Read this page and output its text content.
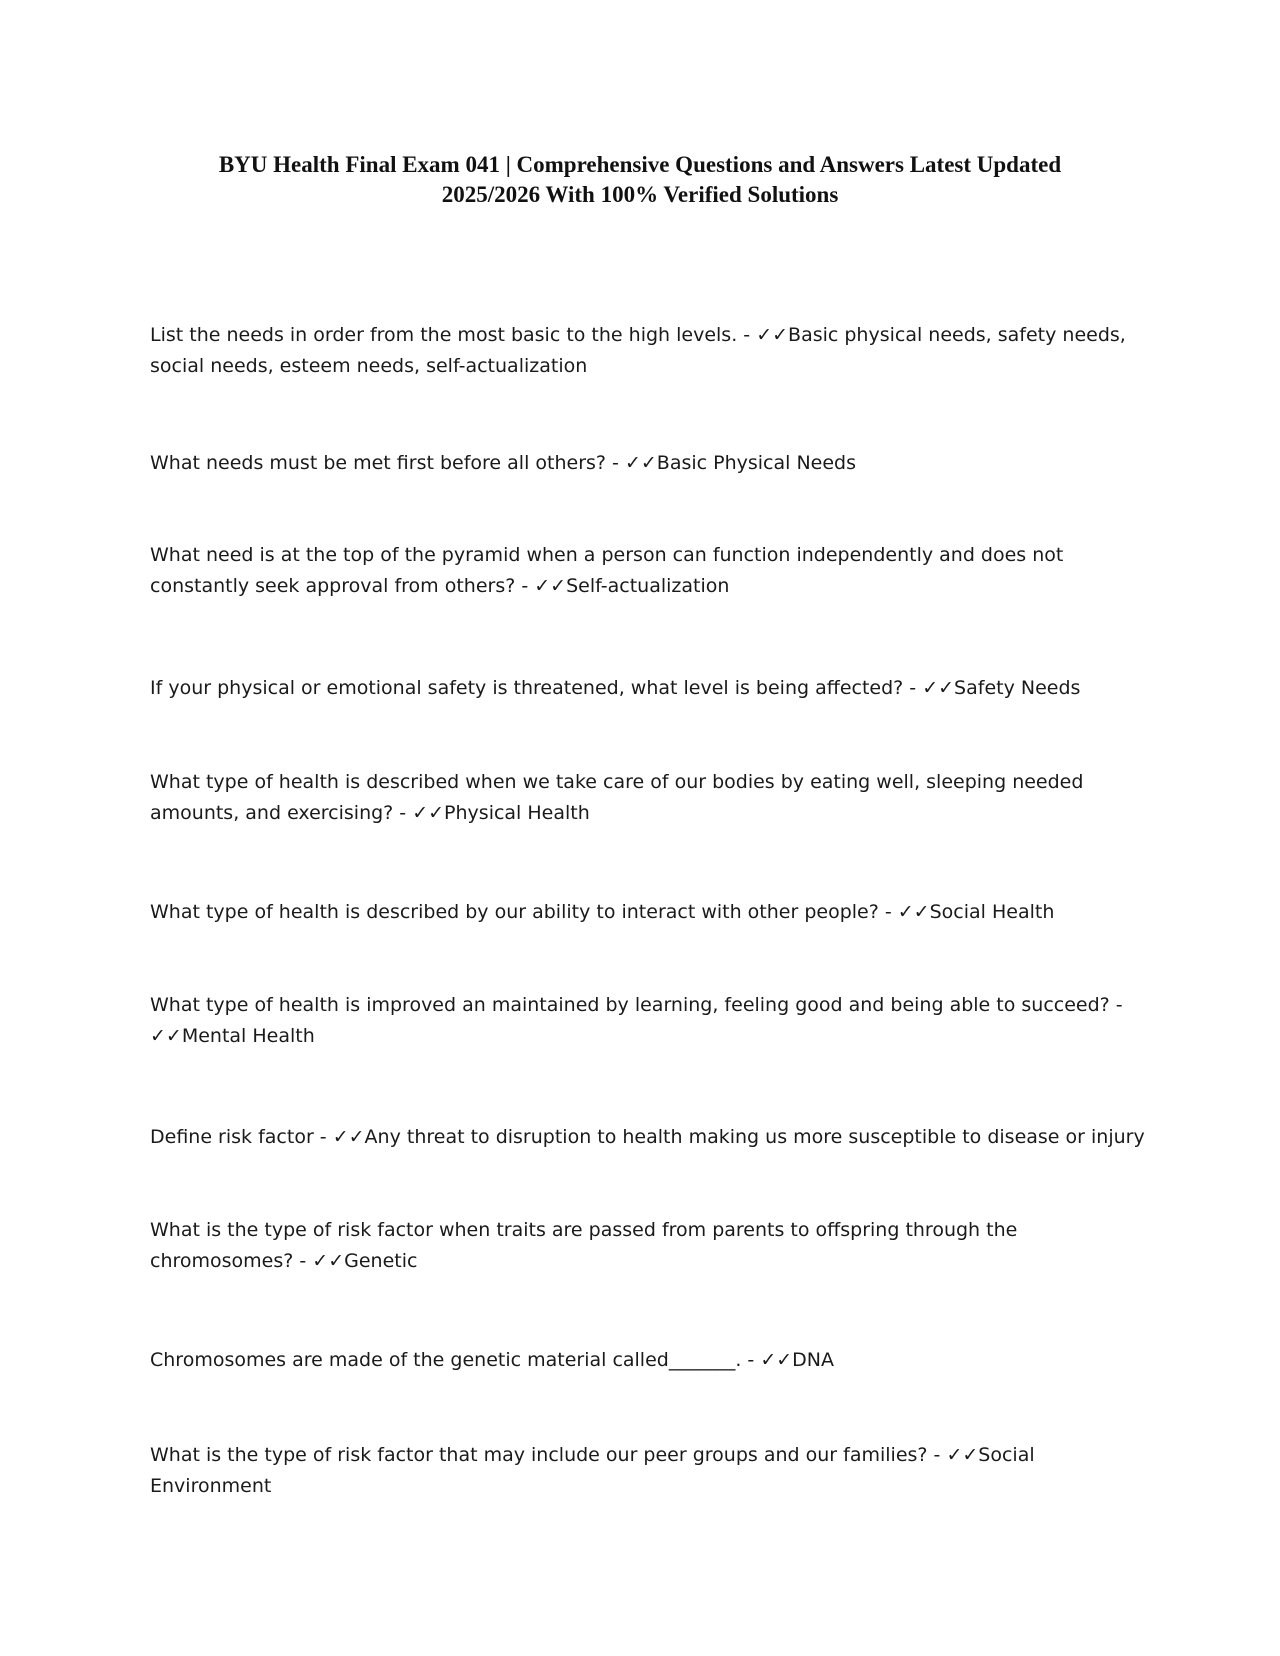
BYU Health Final Exam 041 | Comprehensive Questions and Answers Latest Updated
2025/2026 With 100% Verified Solutions
List the needs in order from the most basic to the high levels. - ✓✓Basic physical needs, safety needs, social needs, esteem needs, self-actualization
What needs must be met first before all others? - ✓✓Basic Physical Needs
What need is at the top of the pyramid when a person can function independently and does not constantly seek approval from others? - ✓✓Self-actualization
If your physical or emotional safety is threatened, what level is being affected? - ✓✓Safety Needs
What type of health is described when we take care of our bodies by eating well, sleeping needed amounts, and exercising? - ✓✓Physical Health
What type of health is described by our ability to interact with other people? - ✓✓Social Health
What type of health is improved an maintained by learning, feeling good and being able to succeed? - ✓✓Mental Health
Define risk factor - ✓✓Any threat to disruption to health making us more susceptible to disease or injury
What is the type of risk factor when traits are passed from parents to offspring through the chromosomes? - ✓✓Genetic
Chromosomes are made of the genetic material called_______. - ✓✓DNA
What is the type of risk factor that may include our peer groups and our families? - ✓✓Social Environment
